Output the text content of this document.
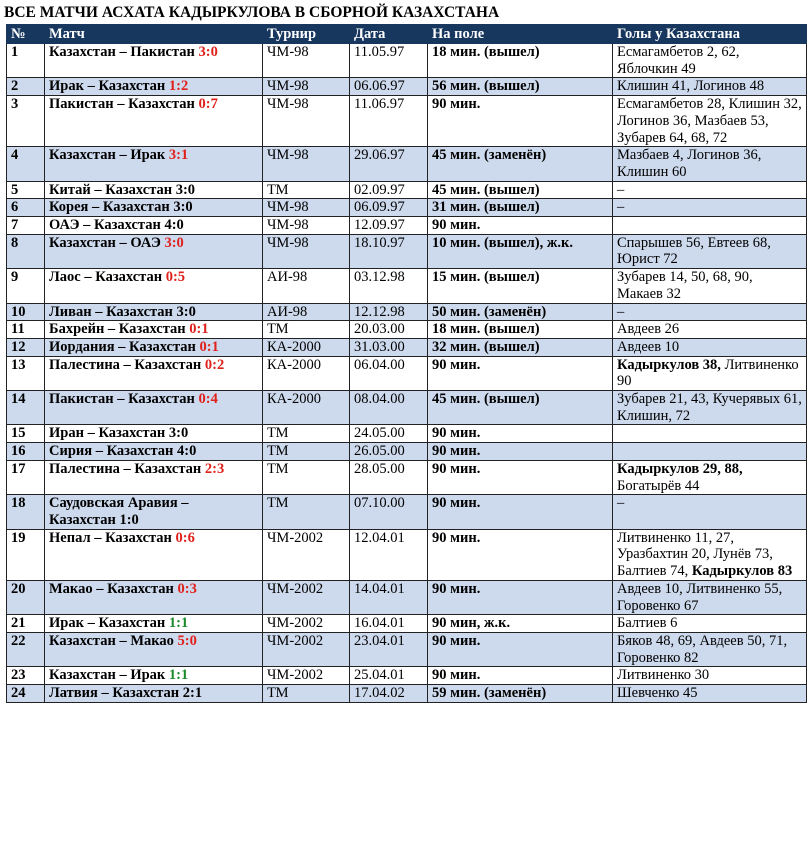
ВСЕ МАТЧИ АСХАТА КАДЫРКУЛОВА В СБОРНОЙ КАЗАХСТАНА
№	Матч	Турнир	Дата	На поле	Голы у Казахстана
1	Казахстан – Пакистан 3:0	ЧМ-98	11.05.97	18 мин. (вышел)	Есмагамбетов 2, 62, Яблочкин 49
2	Ирак – Казахстан 1:2	ЧМ-98	06.06.97	56 мин. (вышел)	Клишин 41, Логинов 48
3	Пакистан – Казахстан 0:7	ЧМ-98	11.06.97	90 мин.	Есмагамбетов 28, Клишин 32, Логинов 36, Мазбаев 53, Зубарев 64, 68, 72
4	Казахстан – Ирак 3:1	ЧМ-98	29.06.97	45 мин. (заменён)	Мазбаев 4, Логинов 36, Клишин 60
5	Китай – Казахстан 3:0	ТМ	02.09.97	45 мин. (вышел)	–
6	Корея – Казахстан 3:0	ЧМ-98	06.09.97	31 мин. (вышел)	–
7	ОАЭ – Казахстан 4:0	ЧМ-98	12.09.97	90 мин.	
8	Казахстан – ОАЭ 3:0	ЧМ-98	18.10.97	10 мин. (вышел), ж.к.	Спарышев 56, Евтеев 68, Юрист 72
9	Лаос – Казахстан 0:5	АИ-98	03.12.98	15 мин. (вышел)	Зубарев 14, 50, 68, 90, Макаев 32
10	Ливан – Казахстан 3:0	АИ-98	12.12.98	50 мин. (заменён)	–
11	Бахрейн – Казахстан 0:1	ТМ	20.03.00	18 мин. (вышел)	Авдеев 26
12	Иордания – Казахстан 0:1	КА-2000	31.03.00	32 мин. (вышел)	Авдеев 10
13	Палестина – Казахстан 0:2	КА-2000	06.04.00	90 мин.	Кадыркулов 38, Литвиненко 90
14	Пакистан – Казахстан 0:4	КА-2000	08.04.00	45 мин. (вышел)	Зубарев 21, 43, Кучерявых 61, Клишин, 72
15	Иран – Казахстан 3:0	ТМ	24.05.00	90 мин.	
16	Сирия – Казахстан 4:0	ТМ	26.05.00	90 мин.	
17	Палестина – Казахстан 2:3	ТМ	28.05.00	90 мин.	Кадыркулов 29, 88, Богатырёв 44
18	Саудовская Аравия – Казахстан 1:0	ТМ	07.10.00	90 мин.	–
19	Непал – Казахстан 0:6	ЧМ-2002	12.04.01	90 мин.	Литвиненко 11, 27, Уразбахтин 20, Лунёв 73, Балтиев 74, Кадыркулов 83
20	Макао – Казахстан 0:3	ЧМ-2002	14.04.01	90 мин.	Авдеев 10, Литвиненко 55, Горовенко 67
21	Ирак – Казахстан 1:1	ЧМ-2002	16.04.01	90 мин, ж.к.	Балтиев 6
22	Казахстан – Макао 5:0	ЧМ-2002	23.04.01	90 мин.	Бяков 48, 69, Авдеев 50, 71, Горовенко 82
23	Казахстан – Ирак 1:1	ЧМ-2002	25.04.01	90 мин.	Литвиненко 30
24	Латвия – Казахстан 2:1	ТМ	17.04.02	59 мин. (заменён)	Шевченко 45
